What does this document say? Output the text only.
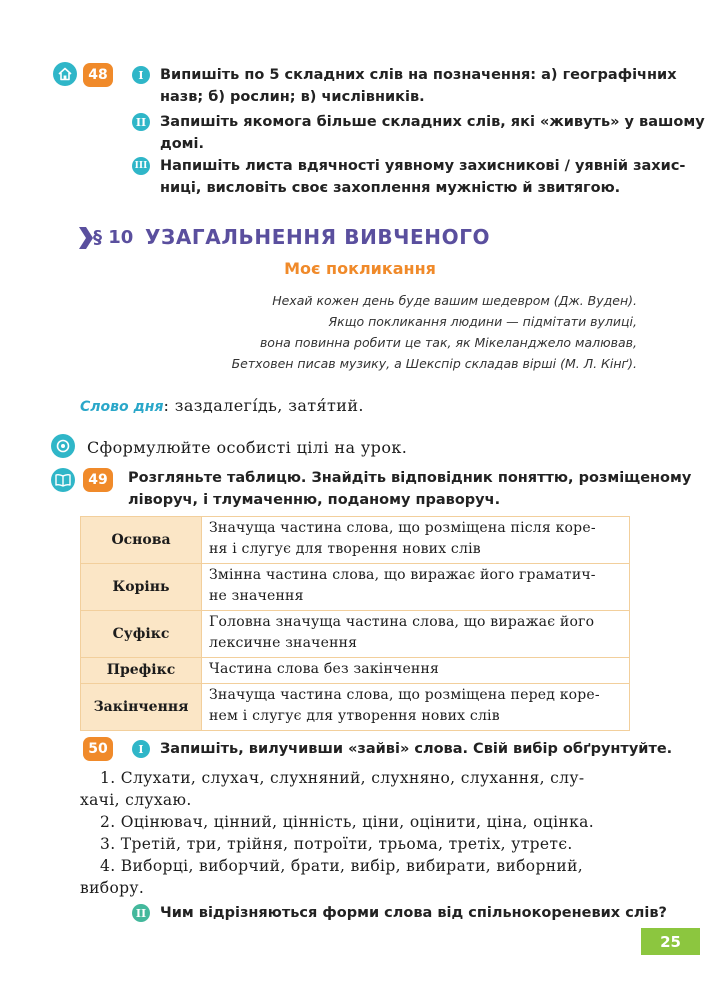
48	I	Випишіть по 5 складних слів на позначення: а) географічних
назв; б) рослин; в) числівників.
II Запишіть якомога більше складних слів, які «живуть» у вашому
домі.
III Напишіть листа вдячності уявному захисникові / уявній захис-
ниці, висловіть своє захоплення мужністю й звитягою.
§ 10 УЗАГАЛЬНЕННЯ ВИВЧЕНОГО
Моє покликання
Нехай кожен день буде вашим шедевром (Дж. Вуден).
Якщо покликання людини — підмітати вулиці,
вона повинна робити це так, як Мікеланджело малював,
Бетховен писав музику, а Шекспір складав вірші (М. Л. Кінґ).
Слово дня: заздалегíдь, затя́тий.
Сформулюйте особисті цілі на урок.
49	Розгляньте таблицю. Знайдіть відповідник поняттю, розміщеному
ліворуч, і тлумаченню, поданому праворуч.
Основа	Значуща частина слова, що розміщена після коре-
ня і слугує для творення нових слів

Корінь	Змінна частина слова, що виражає його граматич-
не значення

Суфікс	Головна значуща частина слова, що виражає його
лексичне значення

Префікс	Частина слова без закінчення

Закінчення	Значуща частина слова, що розміщена перед коре-
нем і слугує для утворення нових слів
50	I	Запишіть, вилучивши «зайві» слова. Свій вибір обґрунтуйте.
1. Слухати, слухач, слухняний, слухняно, слухання, слу-
хачі, слухаю.
2. Оцінювач, цінний, цінність, ціни, оцінити, ціна, оцінка.
3. Третій, три, трійня, потроїти, трьома, третіх, утретє.
4. Виборці, виборчий, брати, вибір, вибирати, виборний,
вибору.
II Чим відрізняються форми слова від спільнокореневих слів?
25
